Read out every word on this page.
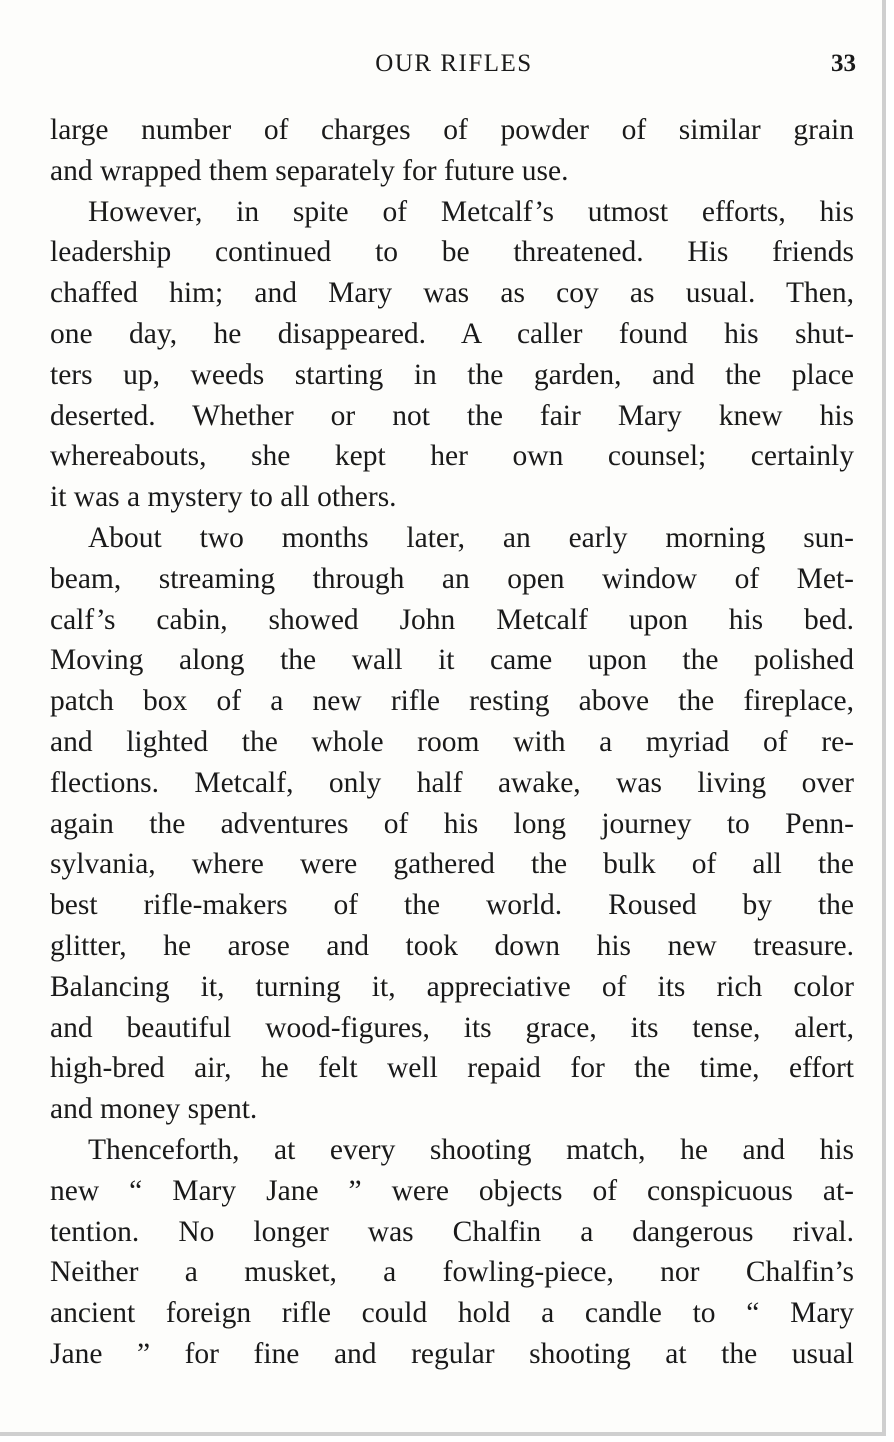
OUR RIFLES	33

large number of charges of powder of similar grain
and wrapped them separately for future use.

However, in spite of Metcalf’s utmost efforts, his
leadership continued to be threatened. His friends
chaffed him; and Mary was as coy as usual. Then,
one day, he disappeared. A caller found his shut-
ters up, weeds starting in the garden, and the place
deserted. Whether or not the fair Mary knew his
whereabouts, she kept her own counsel; certainly
it was a mystery to all others.

About two months later, an early morning sun-
beam, streaming through an open window of Met-
calf’s cabin, showed John Metcalf upon his bed.
Moving along the wall it came upon the polished
patch box of a new rifle resting above the fireplace,
and lighted the whole room with a myriad of re-
flections. Metcalf, only half awake, was living over
again the adventures of his long journey to Penn-
sylvania, where were gathered the bulk of all the
best rifle-makers of the world. Roused by the
glitter, he arose and took down his new treasure.
Balancing it, turning it, appreciative of its rich color
and beautiful wood-figures, its grace, its tense, alert,
high-bred air, he felt well repaid for the time, effort
and money spent.

Thenceforth, at every shooting match, he and his
new “ Mary Jane ” were objects of conspicuous at-
tention. No longer was Chalfin a dangerous rival.
Neither a musket, a fowling-piece, nor Chalfin’s
ancient foreign rifle could hold a candle to “ Mary
Jane ” for fine and regular shooting at the usual
